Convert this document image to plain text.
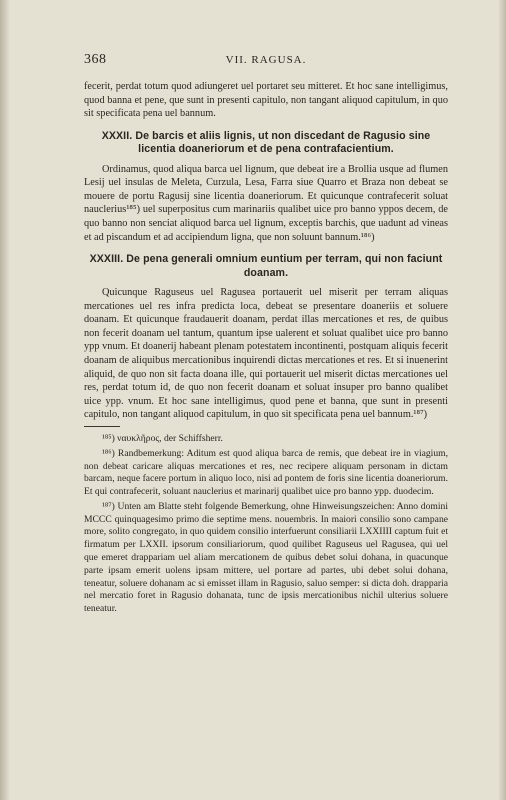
368	VII. RAGUSA.

fecerit, perdat totum quod adiungeret uel portaret seu mitteret. Et hoc sane intelligimus, quod banna et pene, que sunt in presenti capitulo, non tangant aliquod capitulum, in quo sit specificata pena uel bannum.

XXXII. De barcis et aliis lignis, ut non discedant de Ragusio sine licentia doaneriorum et de pena contrafacientium.

Ordinamus, quod aliqua barca uel lignum, que debeat ire a Brollia usque ad flumen Lesij uel insulas de Meleta, Curzula, Lesa, Farra siue Quarro et Braza non debeat se mouere de portu Ragusij sine licentia doaneriorum. Et quicunque contrafecerit soluat nauclerius¹⁸⁵) uel superpositus cum marinariis qualibet uice pro banno yppos decem, de quo banno non senciat aliquod barca uel lignum, exceptis barchis, que uadunt ad vineas et ad piscandum et ad accipiendum ligna, que non soluunt bannum.¹⁸⁶)

XXXIII. De pena generali omnium euntium per terram, qui non faciunt doanam.

Quicunque Raguseus uel Ragusea portauerit uel miserit per terram aliquas mercationes uel res infra predicta loca, debeat se presentare doaneriis et soluere doanam. Et quicunque fraudauerit doanam, perdat illas mercationes et res, de quibus non fecerit doanam uel tantum, quantum ipse ualerent et soluat qualibet uice pro banno ypp vnum. Et doanerij habeant plenam potestatem incontinenti, postquam aliquis fecerit doanam de aliquibus mercationibus inquirendi dictas mercationes et res. Et si inuenerint aliquid, de quo non sit facta doana ille, qui portauerit uel miserit dictas mercationes uel res, perdat totum id, de quo non fecerit doanam et soluat insuper pro banno qualibet uice ypp. vnum. Et hoc sane intelligimus, quod pene et banna, que sunt in presenti capitulo, non tangant aliquod capitulum, in quo sit specificata pena uel bannum.¹⁸⁷)

¹⁸⁵) ναυκλῆρος, der Schiffsherr.

¹⁸⁶) Randbemerkung: Aditum est quod aliqua barca de remis, que debeat ire in viagium, non debeat caricare aliquas mercationes et res, nec recipere aliquam personam in dictam barcam, neque facere portum in aliquo loco, nisi ad pontem de foris sine licentia doaneriorum. Et qui contrafecerit, soluant nauclerius et marinarij qualibet uice pro banno ypp. duodecim.

¹⁸⁷) Unten am Blatte steht folgende Bemerkung, ohne Hinweisungszeichen: Anno domini MCCC quinquagesimo primo die septime mens. nouembris. In maiori consilio sono campane more, solito congregato, in quo quidem consilio interfuerunt consiliarii LXXIIII captum fuit et firmatum per LXXII. ipsorum consiliariorum, quod quilibet Raguseus uel Ragusea, qui uel que emeret drappariam uel aliam mercationem de quibus debet solui dohana, in quacunque parte ipsam emerit uolens ipsam mittere, uel portare ad partes, ubi debet solui dohana, teneatur, soluere dohanam ac si emisset illam in Ragusio, saluo semper: si dicta doh. drapparia nel mercatio foret in Ragusio dohanata, tunc de ipsis mercationibus nichil ulterius soluere teneatur.
